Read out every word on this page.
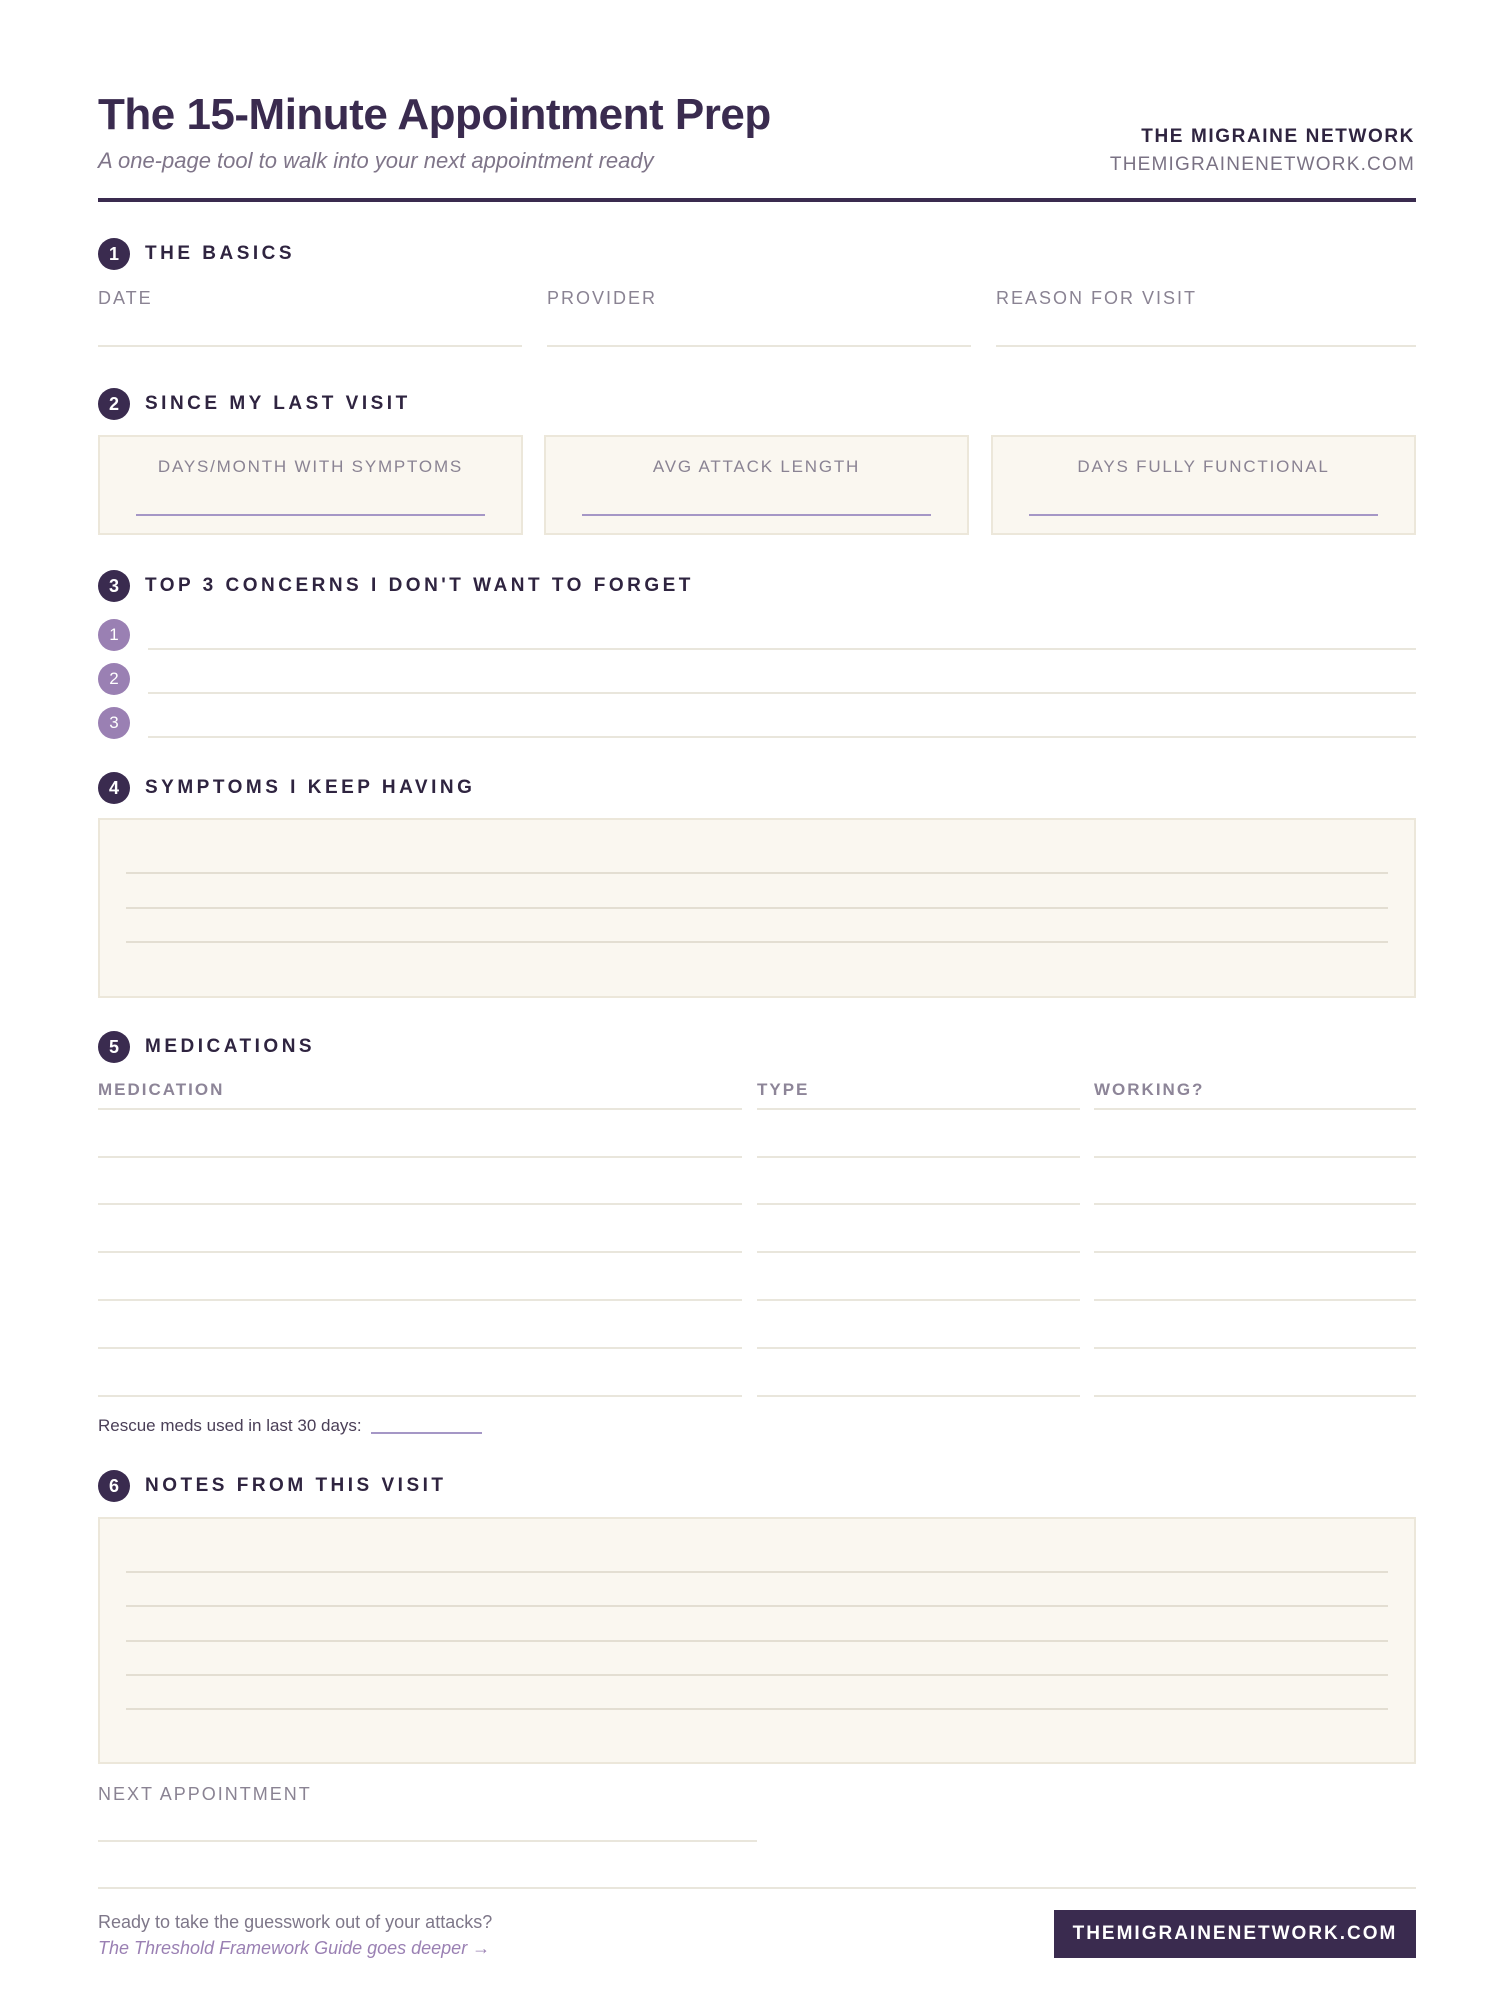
The 15-Minute Appointment Prep
A one-page tool to walk into your next appointment ready
THE MIGRAINE NETWORK
THEMIGRAINENETWORK.COM
1	THE BASICS
DATE	PROVIDER	REASON FOR VISIT
2	SINCE MY LAST VISIT
DAYS/MONTH WITH SYMPTOMS	AVG ATTACK LENGTH	DAYS FULLY FUNCTIONAL
3	TOP 3 CONCERNS I DON'T WANT TO FORGET
1
2
3
4	SYMPTOMS I KEEP HAVING
5	MEDICATIONS
MEDICATION	TYPE	WORKING?
Rescue meds used in last 30 days:
6	NOTES FROM THIS VISIT
NEXT APPOINTMENT
Ready to take the guesswork out of your attacks?
The Threshold Framework Guide goes deeper →
THEMIGRAINENETWORK.COM
